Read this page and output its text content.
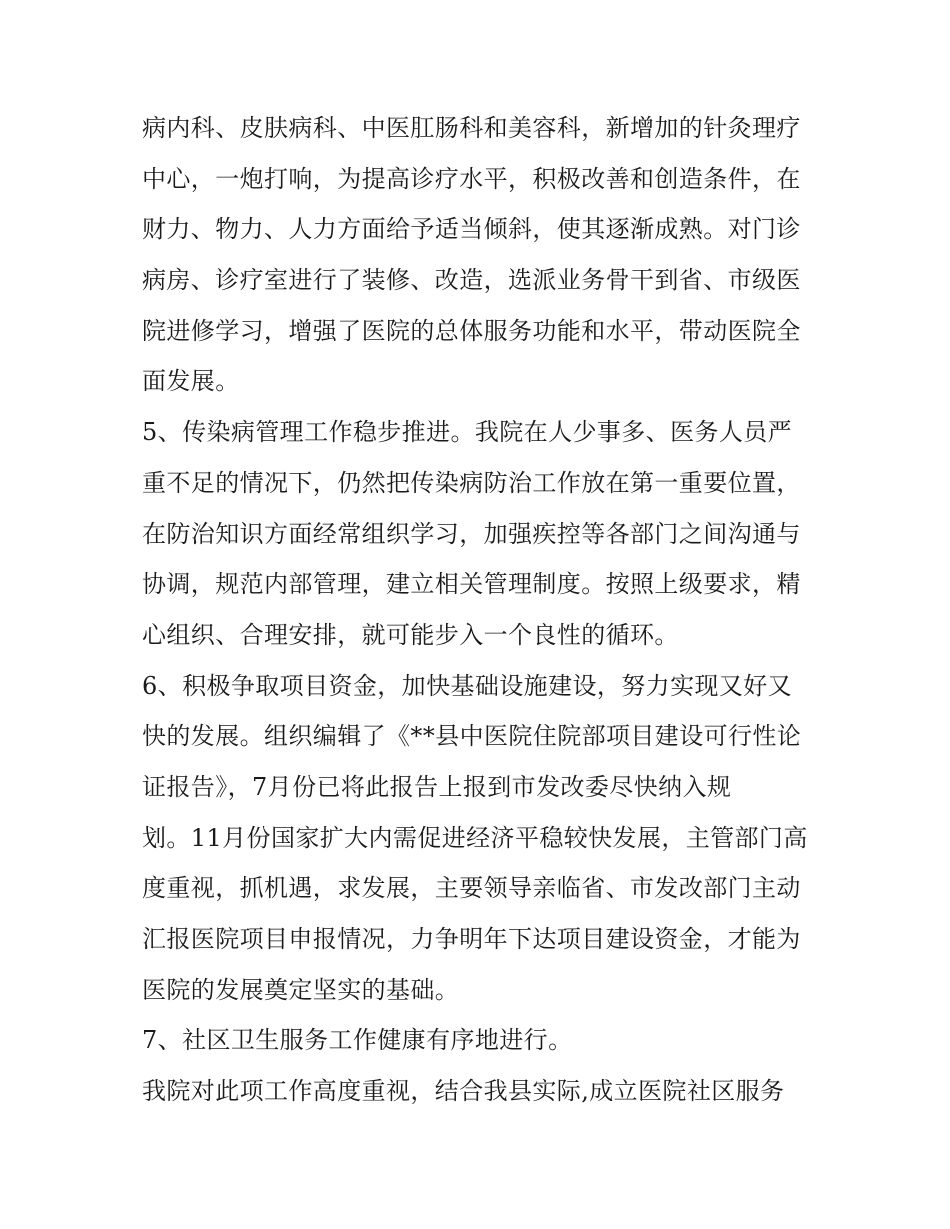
病内科、皮肤病科、中医肛肠科和美容科，新增加的针灸理疗
中心，一炮打响，为提高诊疗水平，积极改善和创造条件，在
财力、物力、人力方面给予适当倾斜，使其逐渐成熟。对门诊
病房、诊疗室进行了装修、改造，选派业务骨干到省、市级医
院进修学习，增强了医院的总体服务功能和水平，带动医院全
面发展。
5、传染病管理工作稳步推进。我院在人少事多、医务人员严
重不足的情况下，仍然把传染病防治工作放在第一重要位置，
在防治知识方面经常组织学习，加强疾控等各部门之间沟通与
协调，规范内部管理，建立相关管理制度。按照上级要求，精
心组织、合理安排，就可能步入一个良性的循环。
6、积极争取项目资金，加快基础设施建设，努力实现又好又
快的发展。组织编辑了《**县中医院住院部项目建设可行性论
证报告》，7月份已将此报告上报到市发改委尽快纳入规
划。11月份国家扩大内需促进经济平稳较快发展，主管部门高
度重视，抓机遇，求发展，主要领导亲临省、市发改部门主动
汇报医院项目申报情况，力争明年下达项目建设资金，才能为
医院的发展奠定坚实的基础。
7、社区卫生服务工作健康有序地进行。
我院对此项工作高度重视，结合我县实际,成立医院社区服务
